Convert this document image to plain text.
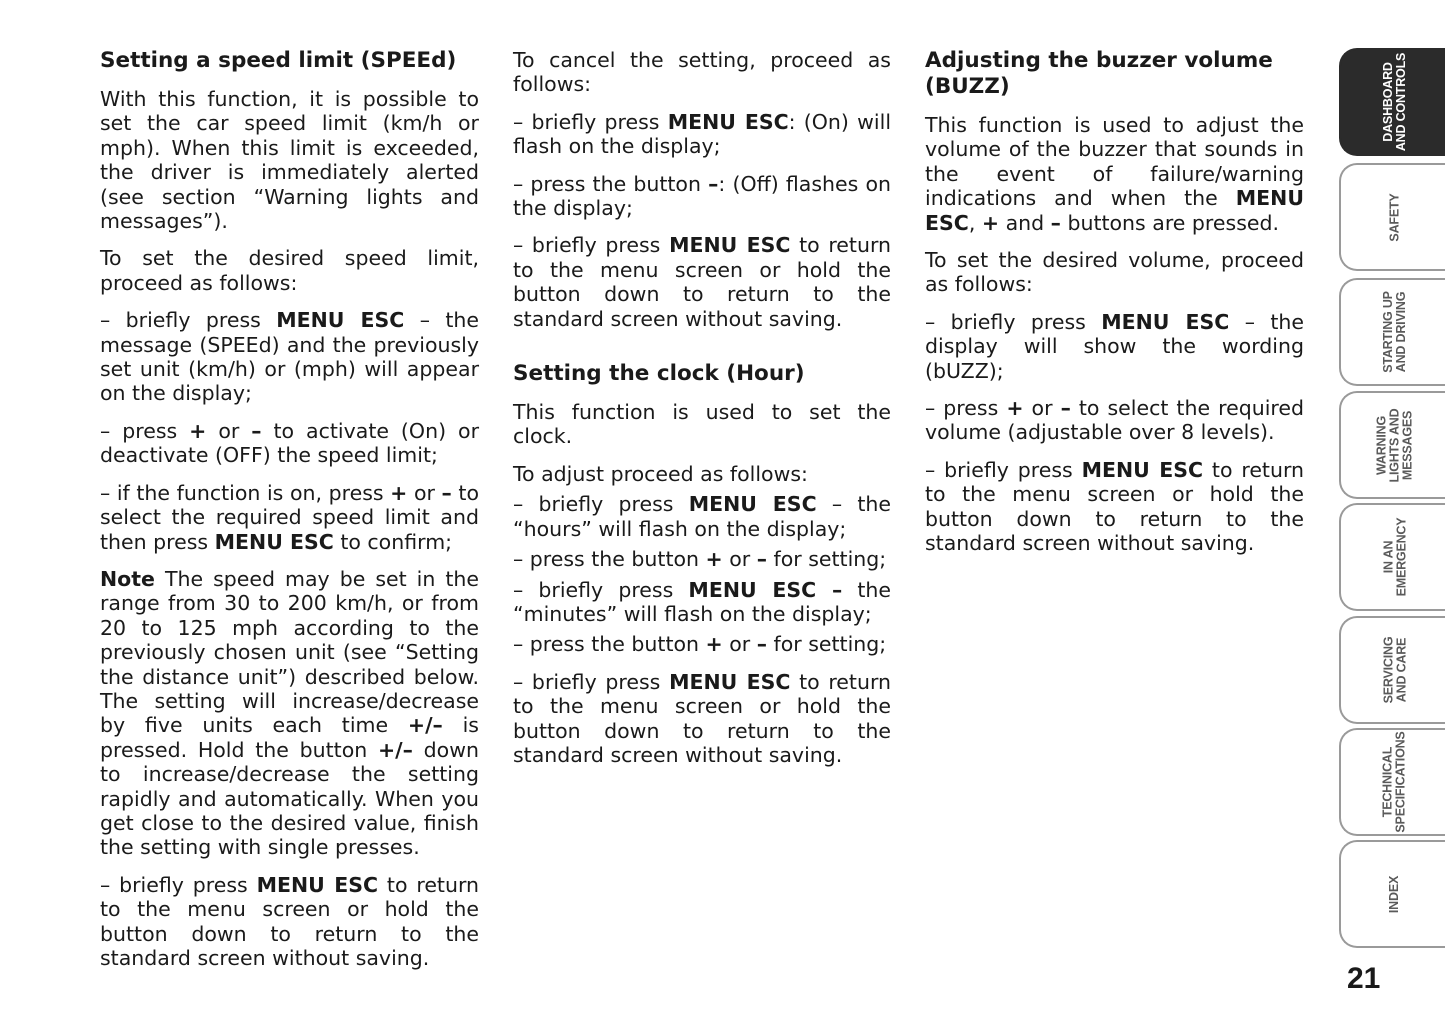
Setting a speed limit (SPEEd)

With this function, it is possible to set the car speed limit (km/h or mph). When this limit is exceeded, the driver is immediately alerted (see section “Warning lights and messages”).

To set the desired speed limit, proceed as follows:

– briefly press MENU ESC – the message (SPEEd) and the previously set unit (km/h) or (mph) will appear on the display;

– press + or – to activate (On) or deactivate (OFF) the speed limit;

– if the function is on, press + or – to select the required speed limit and then press MENU ESC to confirm;

Note The speed may be set in the range from 30 to 200 km/h, or from 20 to 125 mph according to the previously chosen unit (see “Setting the distance unit”) described below. The setting will increase/decrease by five units each time +/– is pressed. Hold the button +/– down to increase/decrease the setting rapidly and automatically. When you get close to the desired value, finish the setting with single presses.

– briefly press MENU ESC to return to the menu screen or hold the button down to return to the standard screen without saving.

To cancel the setting, proceed as follows:

– briefly press MENU ESC: (On) will flash on the display;

– press the button –: (Off) flashes on the display;

– briefly press MENU ESC to return to the menu screen or hold the button down to return to the standard screen without saving.

Setting the clock (Hour)

This function is used to set the clock.

To adjust proceed as follows:

– briefly press MENU ESC – the “hours” will flash on the display;

– press the button + or – for setting;

– briefly press MENU ESC – the “minutes” will flash on the display;

– press the button + or – for setting;

– briefly press MENU ESC to return to the menu screen or hold the button down to return to the standard screen without saving.

Adjusting the buzzer volume (BUZZ)

This function is used to adjust the volume of the buzzer that sounds in the event of failure/warning indications and when the MENU ESC, + and – buttons are pressed.

To set the desired volume, proceed as follows:

– briefly press MENU ESC – the display will show the wording (bUZZ);

– press + or – to select the required volume (adjustable over 8 levels).

– briefly press MENU ESC to return to the menu screen or hold the button down to return to the standard screen without saving.

DASHBOARD AND CONTROLS
SAFETY
STARTING UP AND DRIVING
WARNING LIGHTS AND MESSAGES
IN AN EMERGENCY
SERVICING AND CARE
TECHNICAL SPECIFICATIONS
INDEX
21
